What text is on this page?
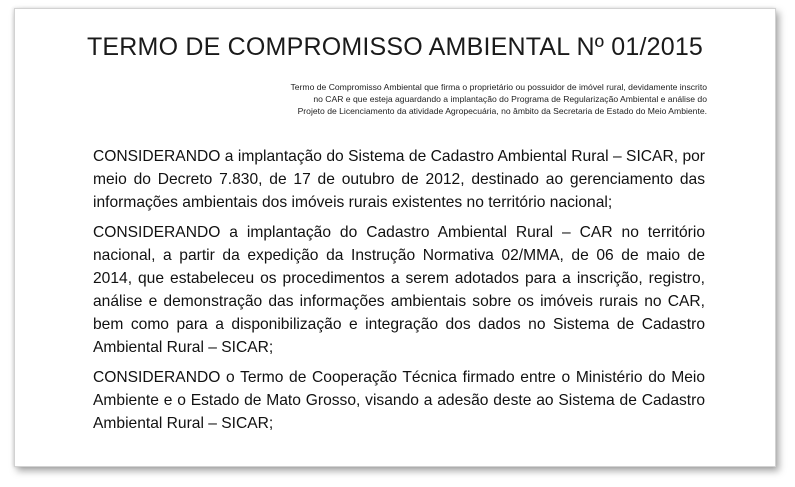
TERMO DE COMPROMISSO AMBIENTAL Nº 01/2015

Termo de Compromisso Ambiental que firma o proprietário ou possuidor de imóvel rural, devidamente inscrito no CAR e que esteja aguardando a implantação do Programa de Regularização Ambiental e análise do Projeto de Licenciamento da atividade Agropecuária, no âmbito da Secretaria de Estado do Meio Ambiente.

CONSIDERANDO a implantação do Sistema de Cadastro Ambiental Rural – SICAR, por meio do Decreto 7.830, de 17 de outubro de 2012, destinado ao gerenciamento das informações ambientais dos imóveis rurais existentes no território nacional;

CONSIDERANDO a implantação do Cadastro Ambiental Rural – CAR no território nacional, a partir da expedição da Instrução Normativa 02/MMA, de 06 de maio de 2014, que estabeleceu os procedimentos a serem adotados para a inscrição, registro, análise e demonstração das informações ambientais sobre os imóveis rurais no CAR, bem como para a disponibilização e integração dos dados no Sistema de Cadastro Ambiental Rural – SICAR;

CONSIDERANDO o Termo de Cooperação Técnica firmado entre o Ministério do Meio Ambiente e o Estado de Mato Grosso, visando a adesão deste ao Sistema de Cadastro Ambiental Rural – SICAR;
